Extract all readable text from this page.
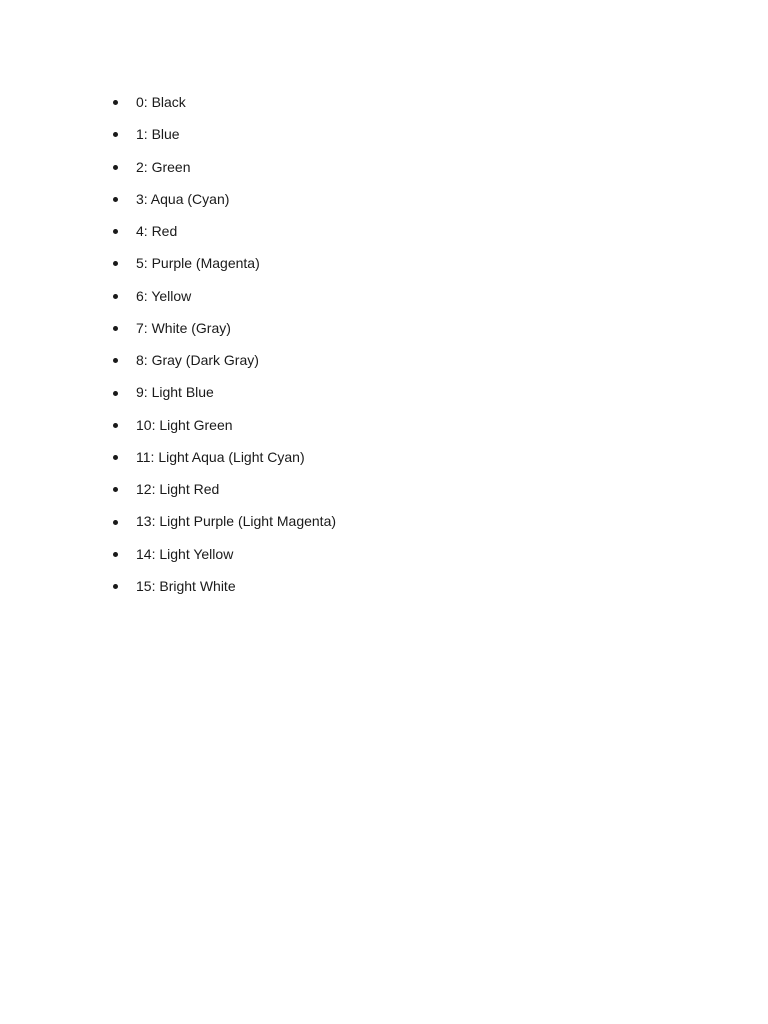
0: Black
1: Blue
2: Green
3: Aqua (Cyan)
4: Red
5: Purple (Magenta)
6: Yellow
7: White (Gray)
8: Gray (Dark Gray)
9: Light Blue
10: Light Green
11: Light Aqua (Light Cyan)
12: Light Red
13: Light Purple (Light Magenta)
14: Light Yellow
15: Bright White
